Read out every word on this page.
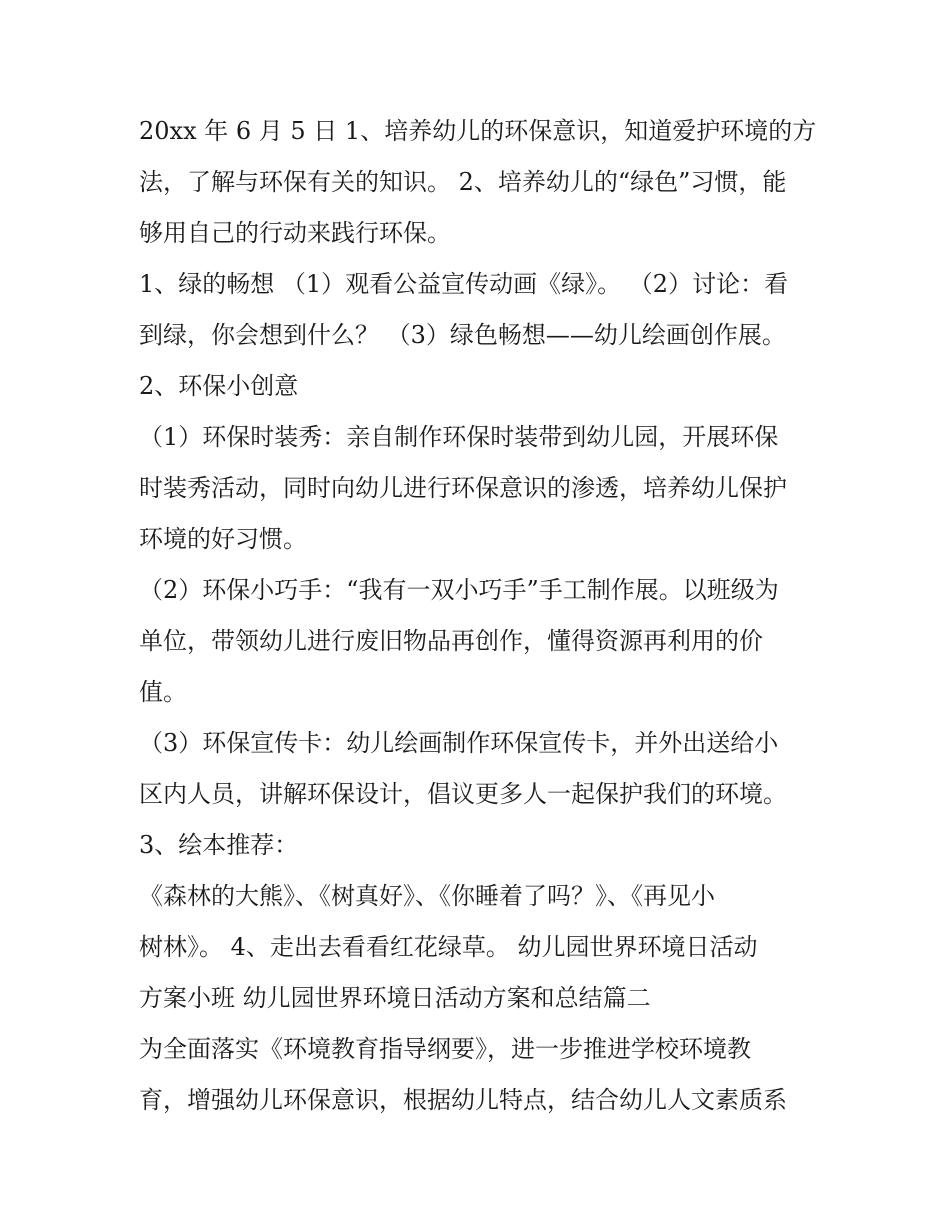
20xx 年 6 月 5 日 1、培养幼儿的环保意识，知道爱护环境的方
法，了解与环保有关的知识。 2、培养幼儿的“绿色”习惯，能
够用自己的行动来践行环保。
1、绿的畅想 （1）观看公益宣传动画《绿》。 （2）讨论：看
到绿，你会想到什么？ （3）绿色畅想——幼儿绘画创作展。
2、环保小创意
（1）环保时装秀：亲自制作环保时装带到幼儿园，开展环保
时装秀活动，同时向幼儿进行环保意识的渗透，培养幼儿保护
环境的好习惯。
（2）环保小巧手：“我有一双小巧手”手工制作展。以班级为
单位，带领幼儿进行废旧物品再创作，懂得资源再利用的价
值。
（3）环保宣传卡：幼儿绘画制作环保宣传卡，并外出送给小
区内人员，讲解环保设计，倡议更多人一起保护我们的环境。
3、绘本推荐：
《森林的大熊》、《树真好》、《你睡着了吗？》、《再见小
树林》。 4、走出去看看红花绿草。 幼儿园世界环境日活动
方案小班 幼儿园世界环境日活动方案和总结篇二
为全面落实《环境教育指导纲要》，进一步推进学校环境教
育，增强幼儿环保意识，根据幼儿特点，结合幼儿人文素质系
